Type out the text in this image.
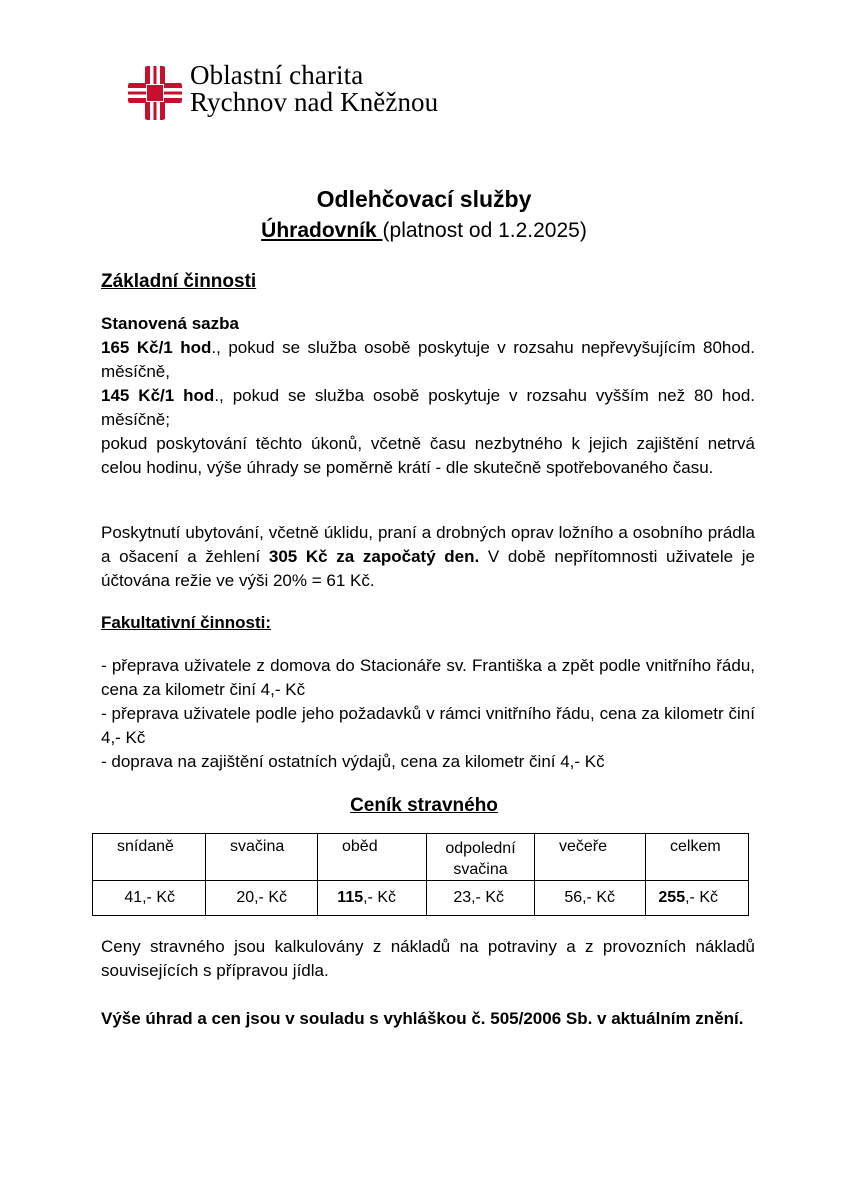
Oblastní charita
Rychnov nad Kněžnou
Odlehčovací služby
Úhradovník (platnost od 1.2.2025)
Základní činnosti
Stanovená sazba
165 Kč/1 hod., pokud se služba osobě poskytuje v rozsahu nepřevyšujícím 80hod. měsíčně,
145 Kč/1 hod., pokud se služba osobě poskytuje v rozsahu vyšším než 80 hod. měsíčně;
pokud poskytování těchto úkonů, včetně času nezbytného k jejich zajištění netrvá celou hodinu, výše úhrady se poměrně krátí - dle skutečně spotřebovaného času.
Poskytnutí ubytování, včetně úklidu, praní a drobných oprav ložního a osobního prádla a ošacení a žehlení 305 Kč za započatý den. V době nepřítomnosti uživatele je účtována režie ve výši 20% = 61 Kč.
Fakultativní činnosti:
- přeprava uživatele z domova do Stacionáře sv. Františka a zpět podle vnitřního řádu, cena za kilometr činí 4,- Kč
- přeprava uživatele podle jeho požadavků v rámci vnitřního řádu, cena za kilometr činí 4,- Kč
- doprava na zajištění ostatních výdajů, cena za kilometr činí 4,- Kč
Ceník stravného
snídaně	svačina	oběd	odpolední svačina	večeře	celkem

41,- Kč	20,- Kč	115,- Kč	23,- Kč	56,- Kč	255,- Kč
Ceny stravného jsou kalkulovány z nákladů na potraviny a z provozních nákladů souvisejících s přípravou jídla.
Výše úhrad a cen jsou v souladu s vyhláškou č. 505/2006 Sb. v aktuálním znění.
